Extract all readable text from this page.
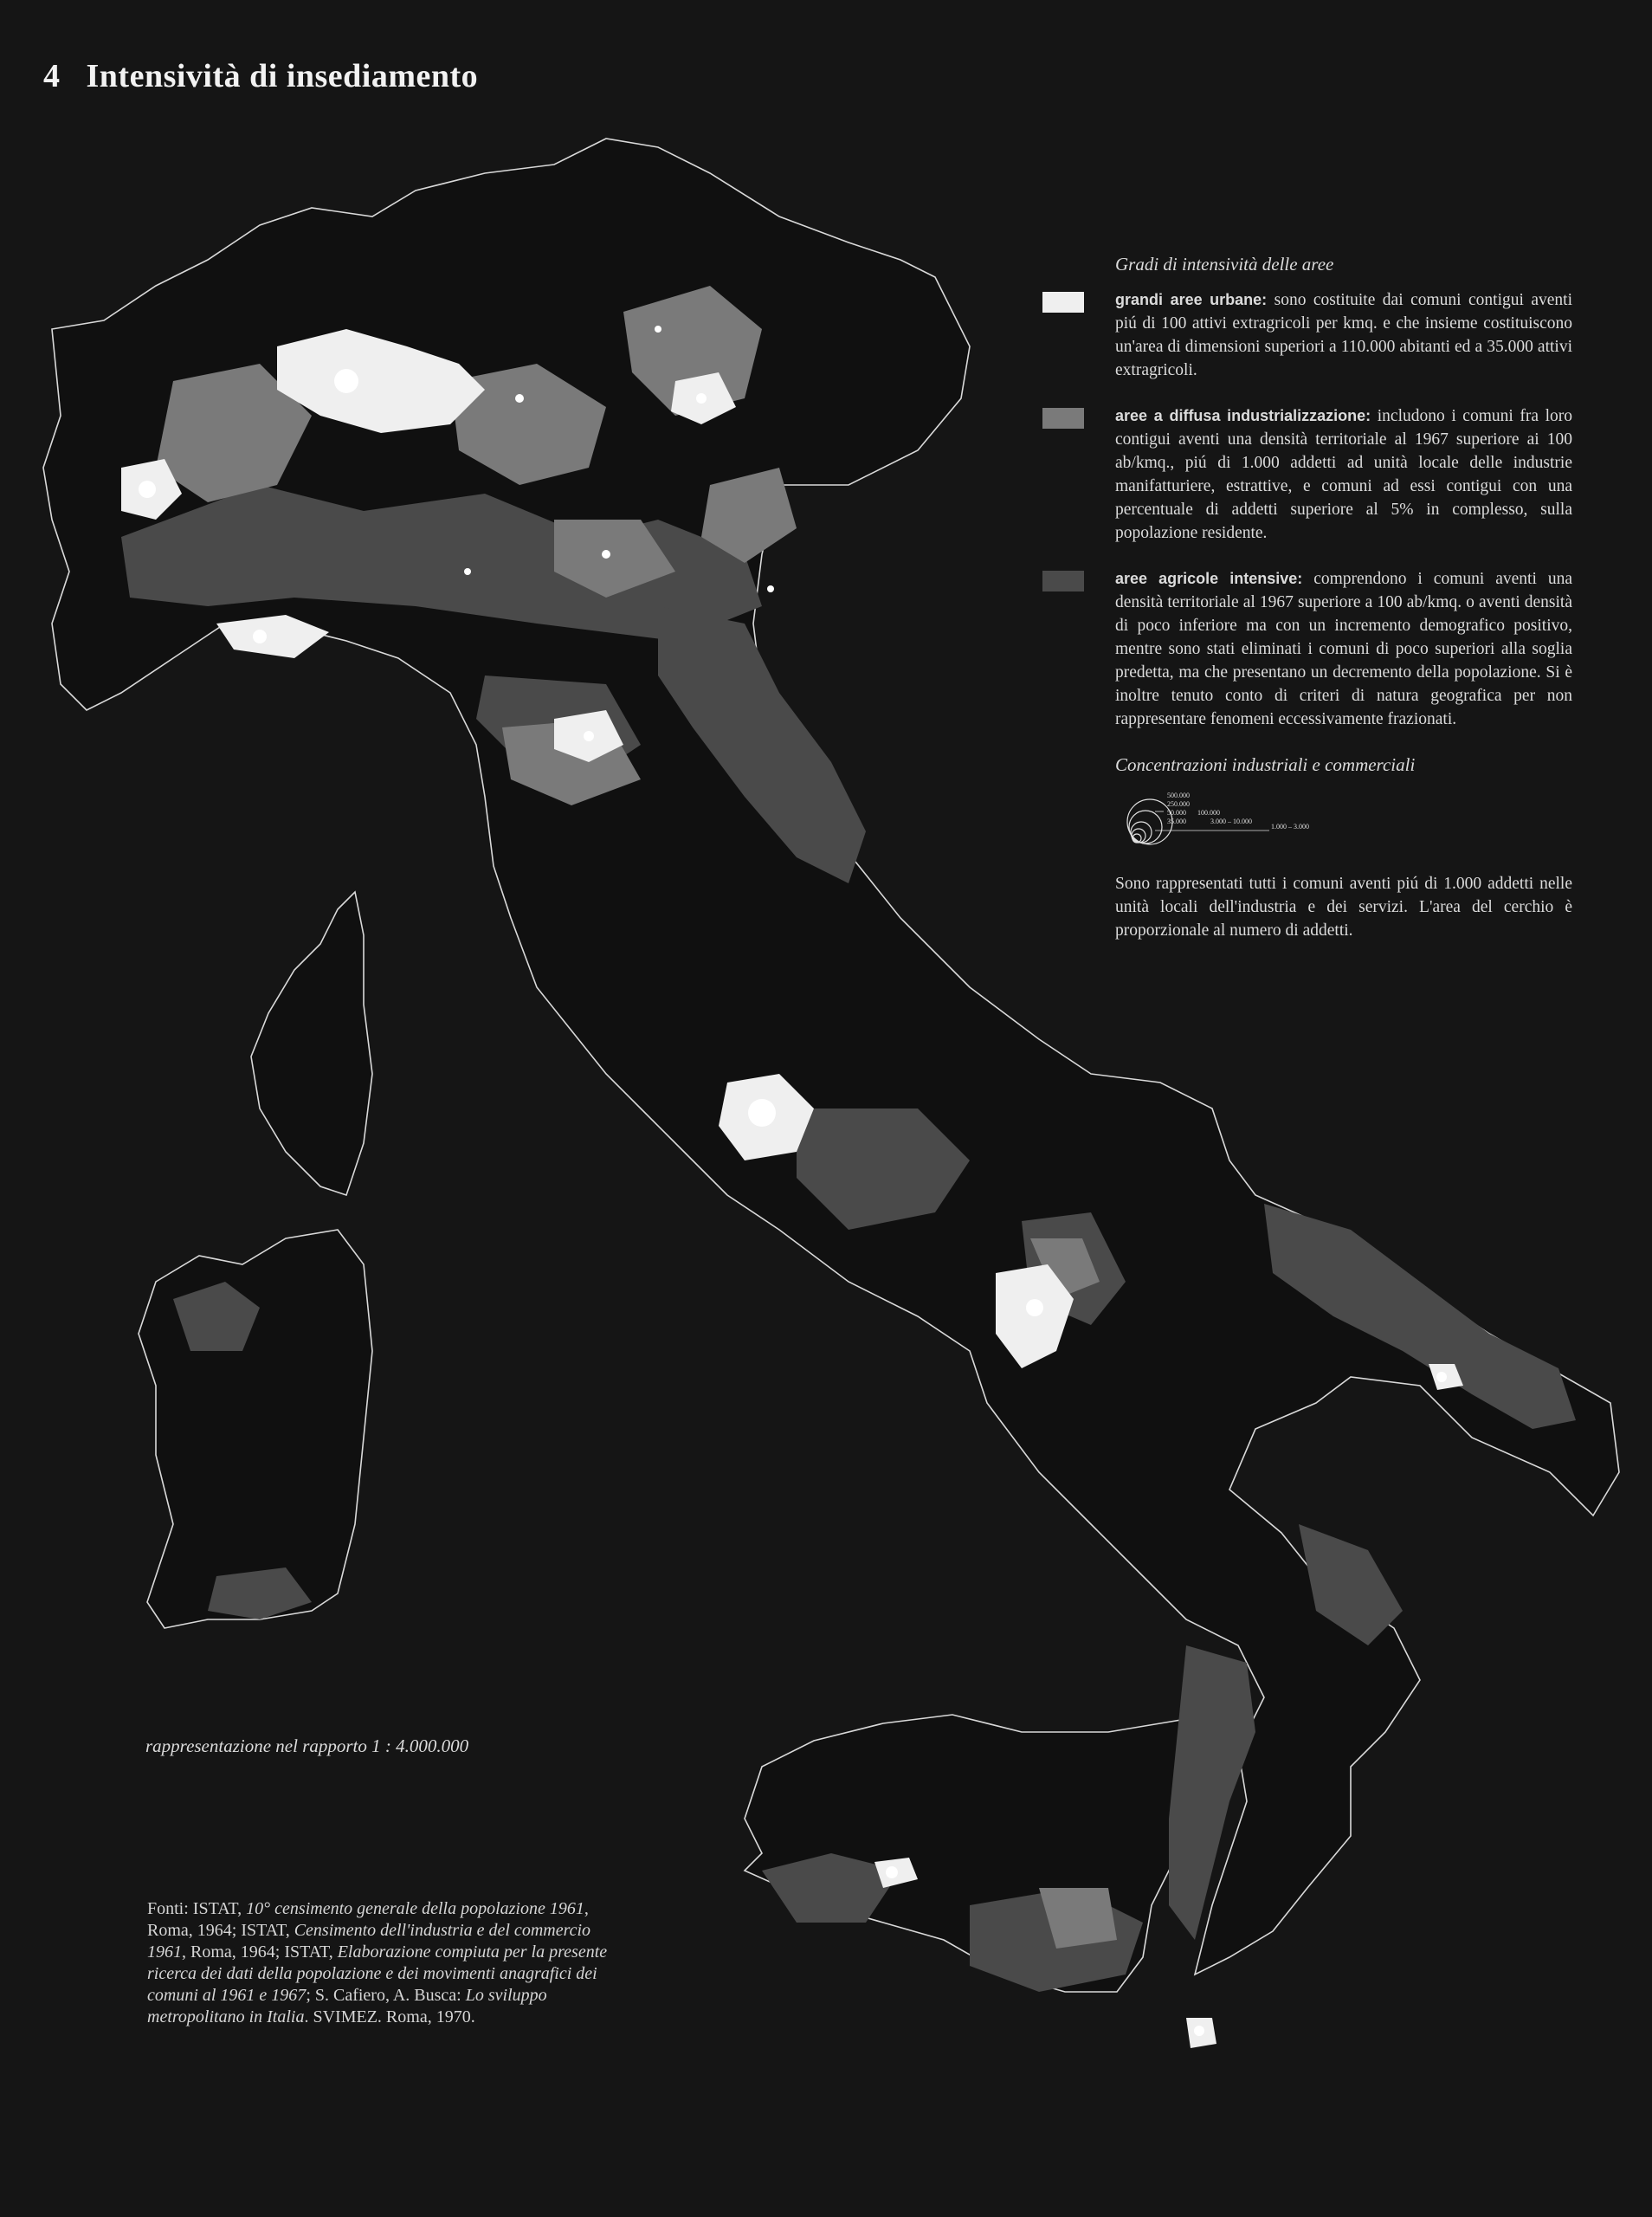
4 Intensività di insediamento
Gradi di intensività delle aree
grandi aree urbane: sono costituite dai comuni contigui aventi piú di 100 attivi extragricoli per kmq. e che insieme costituiscono un'area di dimensioni superiori a 110.000 abitanti ed a 35.000 attivi extragricoli.
aree a diffusa industrializzazione: includono i comuni fra loro contigui aventi una densità territoriale al 1967 superiore ai 100 ab/kmq., piú di 1.000 addetti ad unità locale delle industrie manifatturiere, estrattive, e comuni ad essi contigui con una percentuale di addetti superiore al 5% in complesso, sulla popolazione residente.
aree agricole intensive: comprendono i comuni aventi una densità territoriale al 1967 superiore a 100 ab/kmq. o aventi densità di poco inferiore ma con un incremento demografico positivo, mentre sono stati eliminati i comuni di poco superiori alla soglia predetta, ma che presentano un decremento della popolazione. Si è inoltre tenuto conto di criteri di natura geografica per non rappresentare fenomeni eccessivamente frazionati.
Concentrazioni industriali e commerciali
500.000
250.000
100.000
50.000
35.000	3.000 – 10.000
1.000 – 3.000
Sono rappresentati tutti i comuni aventi piú di 1.000 addetti nelle unità locali dell'industria e dei servizi. L'area del cerchio è proporzionale al numero di addetti.
rappresentazione nel rapporto 1 : 4.000.000
Fonti: ISTAT, 10° censimento generale della popolazione 1961, Roma, 1964; ISTAT, Censimento dell'industria e del commercio 1961, Roma, 1964; ISTAT, Elaborazione compiuta per la presente ricerca dei dati della popolazione e dei movimenti anagrafici dei comuni al 1961 e 1967; S. Cafiero, A. Busca: Lo sviluppo metropolitano in Italia. SVIMEZ. Roma, 1970.
